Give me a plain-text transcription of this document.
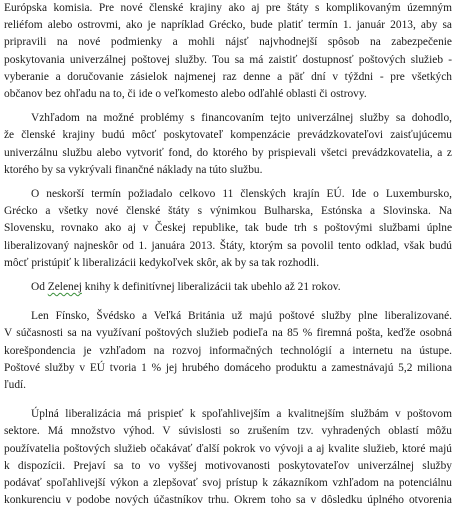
Európska komisia. Pre nové členské krajiny ako aj pre štáty s komplikovaným územným
reliéfom alebo ostrovmi, ako je napríklad Grécko, bude platiť termín 1. január 2013, aby sa
pripravili na nové podmienky a mohli nájsť najvhodnejší spôsob na zabezpečenie
poskytovania univerzálnej poštovej služby. Tou sa má zaistiť dostupnosť poštových služieb -
vyberanie a doručovanie zásielok najmenej raz denne a päť dní v týždni - pre všetkých
občanov bez ohľadu na to, či ide o veľkomesto alebo odľahlé oblasti či ostrovy.
Vzhľadom na možné problémy s financovaním tejto univerzálnej služby sa dohodlo,
že členské krajiny budú môcť poskytovateľ kompenzácie prevádzkovateľovi zaisťujúcemu
univerzálnu službu alebo vytvoriť fond, do ktorého by prispievali všetci prevádzkovatelia, a z
ktorého by sa vykrývali finančné náklady na túto službu.
O neskorší termín požiadalo celkovo 11 členských krajín EÚ. Ide o Luxembursko,
Grécko a všetky nové členské štáty s výnimkou Bulharska, Estónska a Slovinska. Na
Slovensku, rovnako ako aj v Českej republike, tak bude trh s poštovými službami úplne
liberalizovaný najneskôr od 1. januára 2013. Štáty, ktorým sa povolil tento odklad, však budú
môcť pristúpiť k liberalizácii kedykoľvek skôr, ak by sa tak rozhodli.
Od Zelenej knihy k definitívnej liberalizácii tak ubehlo až 21 rokov.
Len Fínsko, Švédsko a Veľká Británia už majú poštové služby plne liberalizované.
V súčasnosti sa na využívaní poštových služieb podieľa na 85 % firemná pošta, keďže osobná
korešpondencia je vzhľadom na rozvoj informačných technológií a internetu na ústupe.
Poštové služby v EÚ tvoria 1 % jej hrubého domáceho produktu a zamestnávajú 5,2 miliona
ľudí.
Úplná liberalizácia má prispieť k spoľahlivejším a kvalitnejším službám v poštovom
sektore. Má množstvo výhod. V súvislosti so zrušením tzv. vyhradených oblastí môžu
používatelia poštových služieb očakávať ďalší pokrok vo vývoji a aj kvalite služieb, ktoré majú
k dispozícii. Prejaví sa to vo vyššej motivovanosti poskytovateľov univerzálnej služby
podávať spoľahlivejší výkon a zlepšovať svoj prístup k zákazníkom vzhľadom na potenciálnu
konkurenciu v podobe nových účastníkov trhu. Okrem toho sa v dôsledku úplného otvorenia
